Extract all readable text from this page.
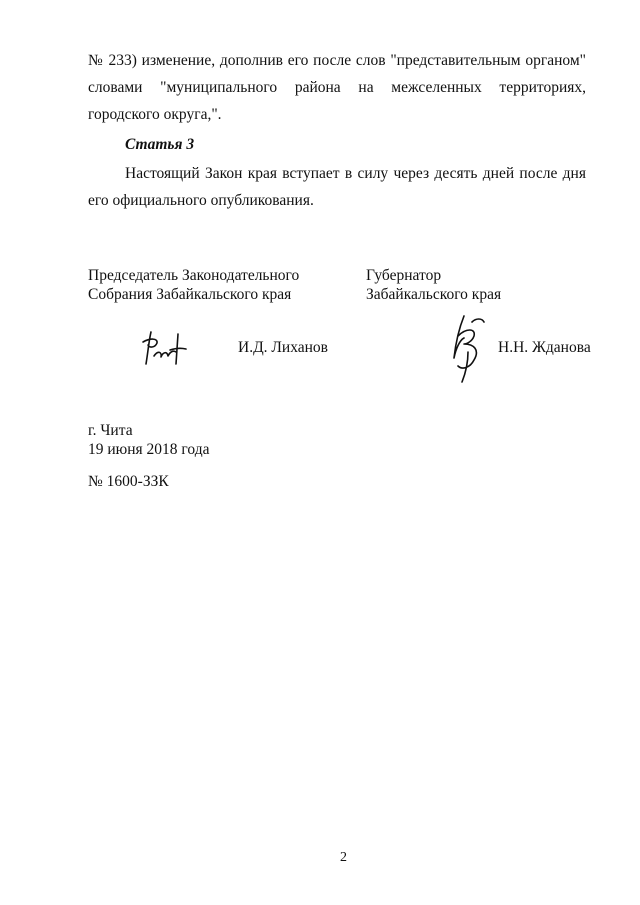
№ 233) изменение, дополнив его после слов "представительным органом" словами "муниципального района на межселенных территориях, городского округа,".

Статья 3

Настоящий Закон края вступает в силу через десять дней после дня его официального опубликования.

Председатель Законодательного
Собрания Забайкальского края
Губернатор
Забайкальского края
И.Д. Лиханов	Н.Н. Жданова
г. Чита
19 июня 2018 года
№ 1600-ЗЗК
2
